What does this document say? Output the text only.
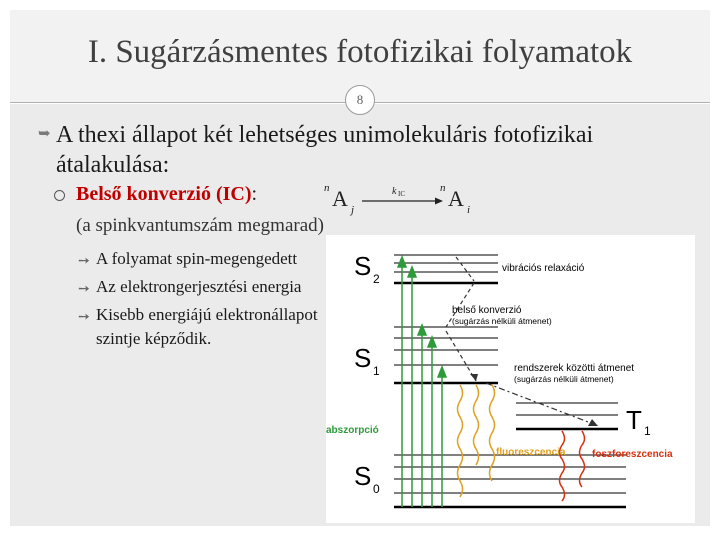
I. Sugárzásmentes fotofizikai folyamatok
8
➥ A thexi állapot két lehetséges unimolekuláris fotofizikai átalakulása:
Belső konverzió (IC):
(a spinkvantumszám megmarad)
➙ A folyamat spin-megengedett
➙ Az elektrongerjesztési energia
➙ Kisebb energiájú elektronállapot
szintje képződik.
n A j
k IC	n A i
S 2
S 1
S 0
T 1
vibrációs relaxáció
belső konverzió
(sugárzás nélküli átmenet)
rendszerek közötti átmenet
(sugárzás nélküli átmenet)
abszorpció
fluoreszcencia	foszforeszcencia
